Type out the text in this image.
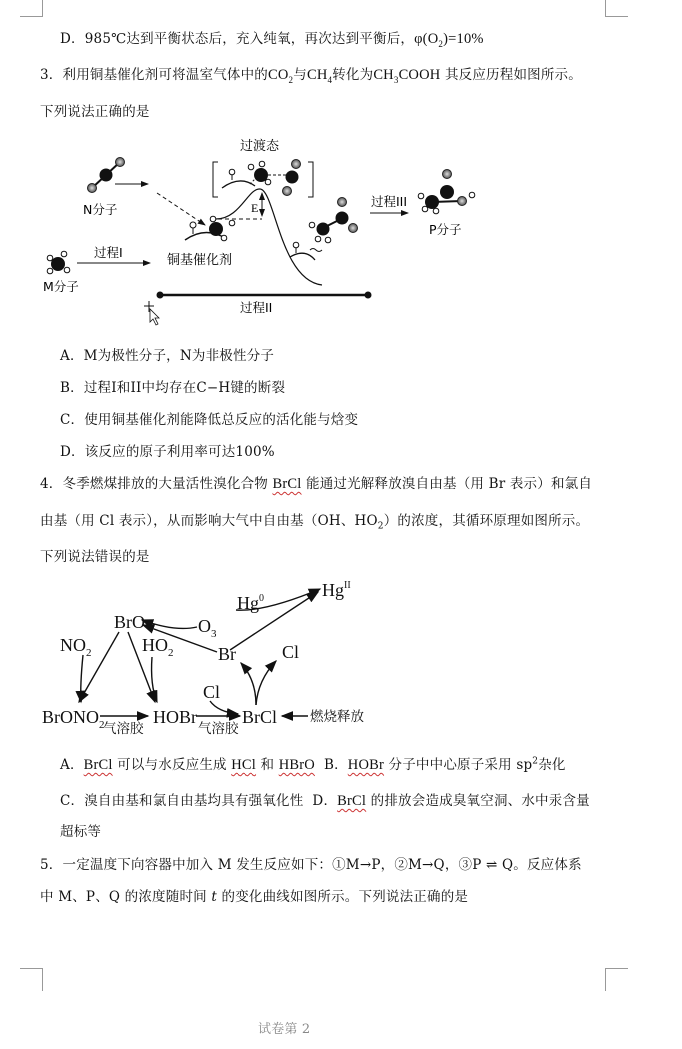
D．985℃达到平衡状态后，充入纯氧，再次达到平衡后，$\varphi(O_2)=10\%$
3．利用铜基催化剂可将温室气体中的$CO_2$与$CH_4$转化为$CH_3COOH$ 其反应历程如图所示。
下列说法正确的是
过渡态
N分子
铜基催化剂
M分子
过程I
E	过程III
P分子
过程II
A．M为极性分子，N为非极性分子
B．过程I和II中均存在C−H键的断裂
C．使用铜基催化剂能降低总反应的活化能与焓变
D．该反应的原子利用率可达100%
4．冬季燃煤排放的大量活性溴化合物 BrCl 能通过光解释放溴自由基（用 Br 表示）和氯自
由基（用 Cl 表示），从而影响大气中自由基（OH、$HO_2$）的浓度，其循环原理如图所示。
下列说法错误的是
$Hg^{II}$
Hg$^0$
BrO	$O_3$
$NO_2$	$HO_2$ Br	Cl
Cl
BrONO$_2$	HOBr	BrCl
气溶胶	气溶胶
燃烧释放
A．BrCl 可以与水反应生成 HCl 和 HBrO B．HOBr 分子中中心原子采用 $sp^2$杂化
C．溴自由基和氯自由基均具有强氧化性 D．BrCl 的排放会造成臭氧空洞、水中汞含量
超标等
5．一定温度下向容器中加入 M 发生反应如下：①M→P，②M→Q，③P ⇌ Q。反应体系
中 M、P、Q 的浓度随时间 t 的变化曲线如图所示。下列说法正确的是
试卷第 2
